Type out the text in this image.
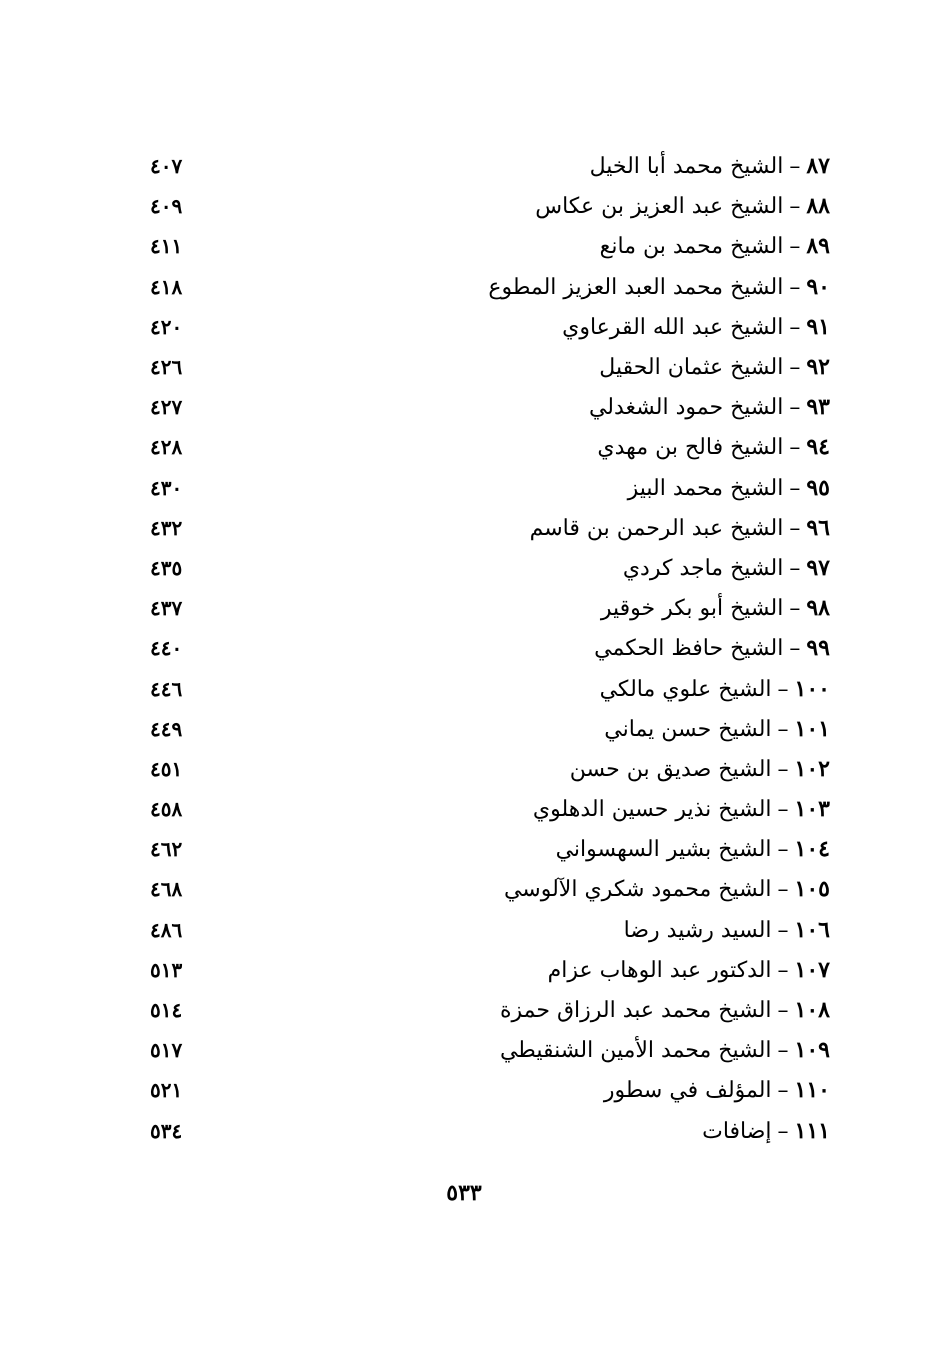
٨٧–الشيخ محمد أبا الخيل
٤٠٧
٨٨–الشيخ عبد العزيز بن عكاس
٤٠٩
٨٩–الشيخ محمد بن مانع
٤١١
٩٠–الشيخ محمد العبد العزيز المطوع
٤١٨
٩١–الشيخ عبد الله القرعاوي
٤٢٠
٩٢–الشيخ عثمان الحقيل
٤٢٦
٩٣–الشيخ حمود الشغدلي
٤٢٧
٩٤–الشيخ فالح بن مهدي
٤٢٨
٩٥–الشيخ محمد البيز
٤٣٠
٩٦–الشيخ عبد الرحمن بن قاسم
٤٣٢
٩٧–الشيخ ماجد كردي
٤٣٥
٩٨–الشيخ أبو بكر خوقير
٤٣٧
٩٩–الشيخ حافظ الحكمي
٤٤٠
١٠٠–الشيخ علوي مالكي
٤٤٦
١٠١–الشيخ حسن يماني
٤٤٩
١٠٢–الشيخ صديق بن حسن
٤٥١
١٠٣–الشيخ نذير حسين الدهلوي
٤٥٨
١٠٤–الشيخ بشير السهسواني
٤٦٢
١٠٥–الشيخ محمود شكري الآلوسي
٤٦٨
١٠٦–السيد رشيد رضا
٤٨٦
١٠٧–الدكتور عبد الوهاب عزام
٥١٣
١٠٨–الشيخ محمد عبد الرزاق حمزة
٥١٤
١٠٩–الشيخ محمد الأمين الشنقيطي
٥١٧
١١٠–المؤلف في سطور
٥٢١
١١١–إضافات
٥٣٤
٥٣٣
